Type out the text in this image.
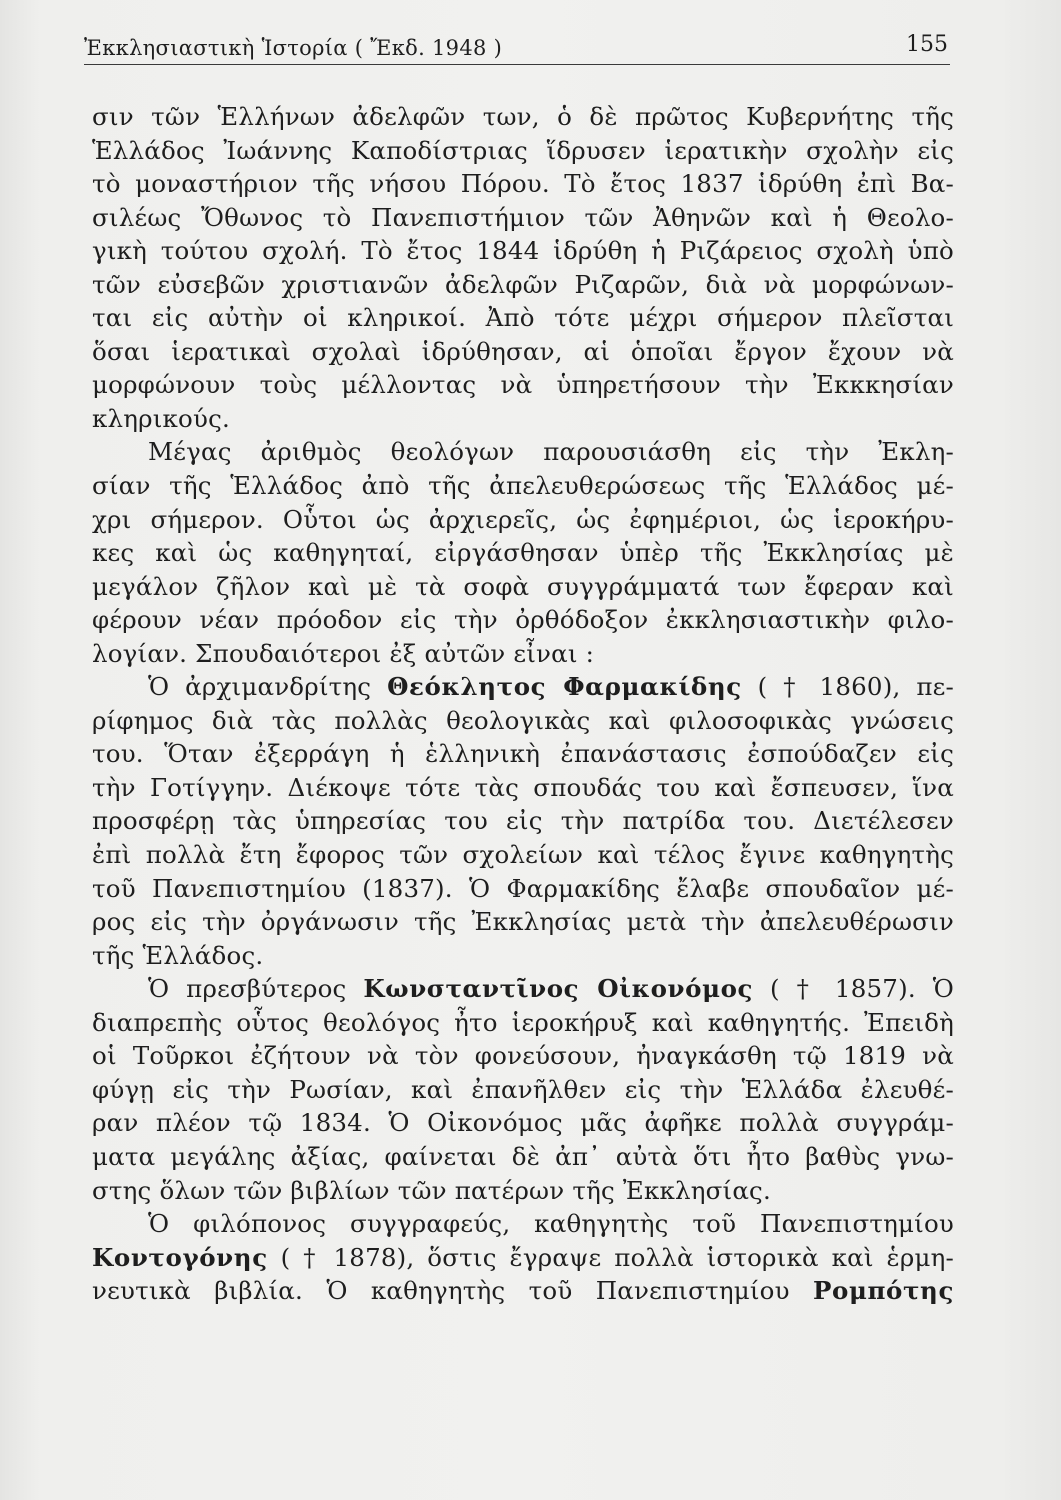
Ἐκκλησιαστικὴ Ἱστορία ( Ἔκδ. 1948 )	155
σιν τῶν Ἑλλήνων ἀδελφῶν των, ὁ δὲ πρῶτος Κυβερνήτης τῆς
Ἑλλάδος Ἰωάννης Καποδίστριας ἵδρυσεν ἱερατικὴν σχολὴν εἰς
τὸ μοναστήριον τῆς νήσου Πόρου. Τὸ ἔτος 1837 ἱδρύθη ἐπὶ Βα-
σιλέως Ὄθωνος τὸ Πανεπιστήμιον τῶν Ἀθηνῶν καὶ ἡ Θεολο-
γικὴ τούτου σχολή. Τὸ ἔτος 1844 ἱδρύθη ἡ Ριζάρειος σχολὴ ὑπὸ
τῶν εὐσεβῶν χριστιανῶν ἀδελφῶν Ριζαρῶν, διὰ νὰ μορφώνων-
ται εἰς αὐτὴν οἱ κληρικοί. Ἀπὸ τότε μέχρι σήμερον πλεῖσται
ὅσαι ἱερατικαὶ σχολαὶ ἱδρύθησαν, αἱ ὁποῖαι ἔργον ἔχουν νὰ
μορφώνουν τοὺς μέλλοντας νὰ ὑπηρετήσουν τὴν Ἐκκκησίαν
κληρικούς.
Μέγας ἀριθμὸς θεολόγων παρουσιάσθη εἰς τὴν Ἐκλη-
σίαν τῆς Ἑλλάδος ἀπὸ τῆς ἀπελευθερώσεως τῆς Ἑλλάδος μέ-
χρι σήμερον. Οὗτοι ὡς ἀρχιερεῖς, ὡς ἐφημέριοι, ὡς ἱεροκήρυ-
κες καὶ ὡς καθηγηταί, εἰργάσθησαν ὑπὲρ τῆς Ἐκκλησίας μὲ
μεγάλον ζῆλον καὶ μὲ τὰ σοφὰ συγγράμματά των ἔφεραν καὶ
φέρουν νέαν πρόοδον εἰς τὴν ὀρθόδοξον ἐκκλησιαστικὴν φιλο-
λογίαν. Σπουδαιότεροι ἐξ αὐτῶν εἶναι :
Ὁ ἀρχιμανδρίτης Θεόκλητος Φαρμακίδης ( † 1860), πε-
ρίφημος διὰ τὰς πολλὰς θεολογικὰς καὶ φιλοσοφικὰς γνώσεις
του. Ὅταν ἐξερράγη ἡ ἑλληνικὴ ἐπανάστασις ἐσπούδαζεν εἰς
τὴν Γοτίγγην. Διέκοψε τότε τὰς σπουδάς του καὶ ἔσπευσεν, ἵνα
προσφέρῃ τὰς ὑπηρεσίας του εἰς τὴν πατρίδα του. Διετέλεσεν
ἐπὶ πολλὰ ἔτη ἔφορος τῶν σχολείων καὶ τέλος ἔγινε καθηγητὴς
τοῦ Πανεπιστημίου (1837). Ὁ Φαρμακίδης ἔλαβε σπουδαῖον μέ-
ρος εἰς τὴν ὀργάνωσιν τῆς Ἐκκλησίας μετὰ τὴν ἀπελευθέρωσιν
τῆς Ἑλλάδος.
Ὁ πρεσβύτερος Κωνσταντῖνος Οἰκονόμος ( † 1857). Ὁ
διαπρεπὴς οὗτος θεολόγος ἦτο ἱεροκήρυξ καὶ καθηγητής. Ἐπειδὴ
οἱ Τοῦρκοι ἐζήτουν νὰ τὸν φονεύσουν, ἠναγκάσθη τῷ 1819 νὰ
φύγῃ εἰς τὴν Ρωσίαν, καὶ ἐπανῆλθεν εἰς τὴν Ἑλλάδα ἐλευθέ-
ραν πλέον τῷ 1834. Ὁ Οἰκονόμος μᾶς ἀφῆκε πολλὰ συγγράμ-
ματα μεγάλης ἀξίας, φαίνεται δὲ ἀπ᾽ αὐτὰ ὅτι ἦτο βαθὺς γνω-
στης ὅλων τῶν βιβλίων τῶν πατέρων τῆς Ἐκκλησίας.
Ὁ φιλόπονος συγγραφεύς, καθηγητὴς τοῦ Πανεπιστημίου
Κοντογόνης ( † 1878), ὅστις ἔγραψε πολλὰ ἱστορικὰ καὶ ἑρμη-
νευτικὰ βιβλία. Ὁ καθηγητὴς τοῦ Πανεπιστημίου Ρομπότης
